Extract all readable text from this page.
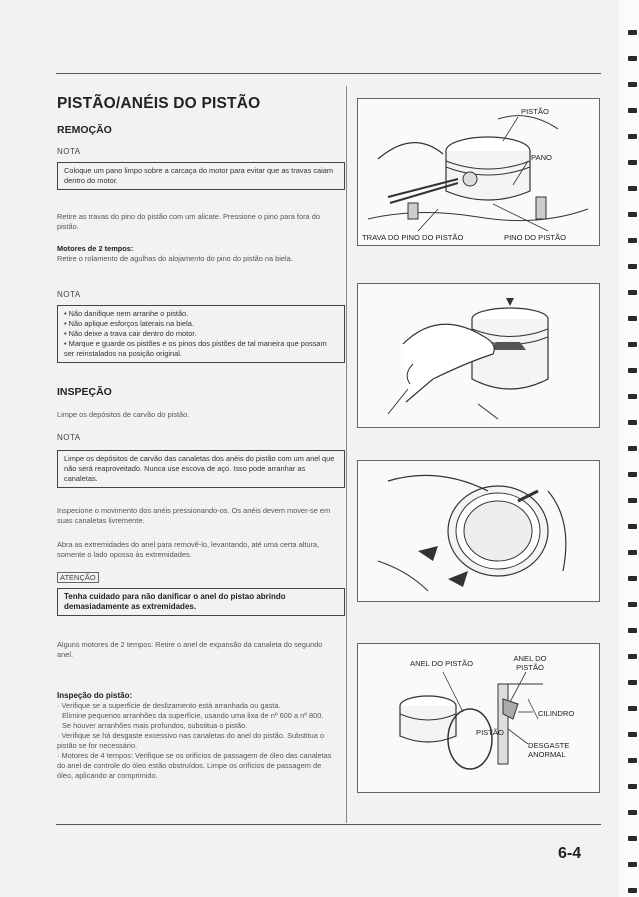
PISTÃO/ANÉIS DO PISTÃO
REMOÇÃO
NOTA
Coloque um pano limpo sobre a carcaça do motor para evitar que as travas caiam dentro do motor.
Retire as travas do pino do pistão com um alicate. Pressione o pino para fora do pistão.
Motores de 2 tempos:
Retire o rolamento de agulhas do alojamento do pino do pistão na biela.
NOTA
• Não danifique nem arranhe o pistão.
• Não aplique esforços laterais na biela.
• Não deixe a trava cair dentro do motor.
• Marque e guarde os pistões e os pinos dos pistões de tal maneira que possam ser reinstalados na posição original.
INSPEÇÃO
Limpe os depósitos de carvão do pistão.
NOTA
Limpe os depósitos de carvão das canaletas dos anéis do pistão com um anel que não será reaproveitado. Nunca use escova de aço. Isso pode arranhar as canaletas.
Inspecione o movimento dos anéis pressionando-os. Os anéis devem mover-se em suas canaletas livremente.
Abra as extremidades do anel para removê-lo, levantando, até uma certa altura, somente o lado oposso às extremidades.
ATENÇÃO
Tenha cuidado para não danificar o anel do pistao abrindo demasiadamente as extremidades.
Alguns motores de 2 tempos: Retire o anel de expansão da canaleta do segundo anel.
Inspeção do pistão:
· Verifique se a superfície de deslizamento está arranhada ou gasta.
Elimine pequenos arranhões da superfície, usando uma lixa de nº 600 a nº 800.
Se houver arranhões mais profundos, substitua o pistão.
· Verifique se há desgaste excessivo nas canaletas do anel do pistão. Substitua o pistão se for necessário.
· Motores de 4 tempos: Verifique se os orifícios de passagem de óleo das canaletas do anel de controle do óleo estão obstruídos. Limpe os orifícios de passagem de óleo, aplicando ar comprimido.
6-4
PISTÃO
PANO
TRAVA DO PINO DO PISTÃO	PINO DO PISTÃO
ANEL DO PISTÃO
ANEL DO PISTÃO
CILINDRO
PISTÃO
DESGASTE ANORMAL
